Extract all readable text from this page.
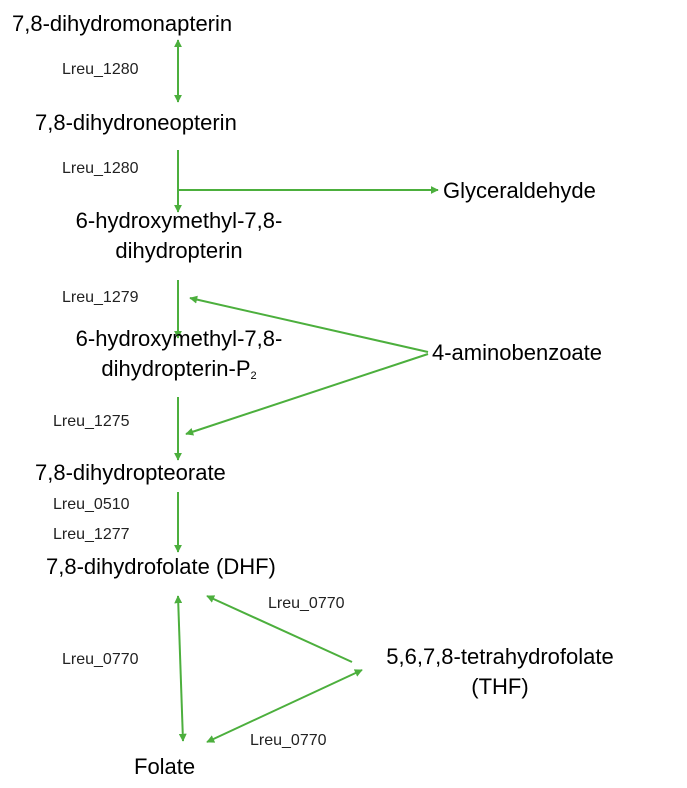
7,8-dihydromonapterin
7,8-dihydroneopterin
Glyceraldehyde
6-hydroxymethyl-7,8-
dihydropterin
6-hydroxymethyl-7,8-
dihydropterin-$P_2$
4-aminobenzoate
7,8-dihydropteorate
7,8-dihydrofolate (DHF)
5,6,7,8-tetrahydrofolate
(THF)
Folate
Lreu_1280
Lreu_1280
Lreu_1279
Lreu_1275
Lreu_0510
Lreu_1277
Lreu_0770
Lreu_0770
Lreu_0770
